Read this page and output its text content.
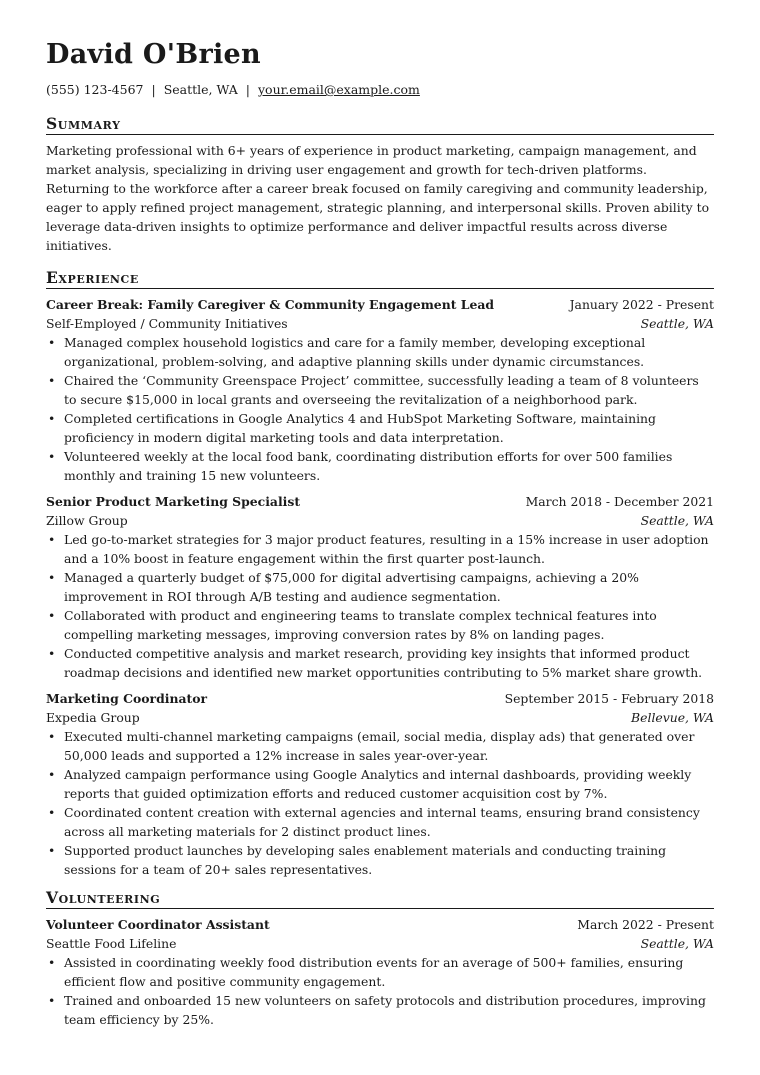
David O'Brien
(555) 123-4567 | Seattle, WA | your.email@example.com
Summary
Marketing professional with 6+ years of experience in product marketing, campaign management, and market analysis, specializing in driving user engagement and growth for tech-driven platforms. Returning to the workforce after a career break focused on family caregiving and community leadership, eager to apply refined project management, strategic planning, and interpersonal skills. Proven ability to leverage data-driven insights to optimize performance and deliver impactful results across diverse initiatives.
Experience
Career Break: Family Caregiver & Community Engagement Lead	January 2022 - Present
Self-Employed / Community Initiatives	Seattle, WA
• Managed complex household logistics and care for a family member, developing exceptional organizational, problem-solving, and adaptive planning skills under dynamic circumstances.
• Chaired the ‘Community Greenspace Project’ committee, successfully leading a team of 8 volunteers to secure $15,000 in local grants and overseeing the revitalization of a neighborhood park.
• Completed certifications in Google Analytics 4 and HubSpot Marketing Software, maintaining proficiency in modern digital marketing tools and data interpretation.
• Volunteered weekly at the local food bank, coordinating distribution efforts for over 500 families monthly and training 15 new volunteers.
Senior Product Marketing Specialist	March 2018 - December 2021
Zillow Group	Seattle, WA
• Led go-to-market strategies for 3 major product features, resulting in a 15% increase in user adoption and a 10% boost in feature engagement within the first quarter post-launch.
• Managed a quarterly budget of $75,000 for digital advertising campaigns, achieving a 20% improvement in ROI through A/B testing and audience segmentation.
• Collaborated with product and engineering teams to translate complex technical features into compelling marketing messages, improving conversion rates by 8% on landing pages.
• Conducted competitive analysis and market research, providing key insights that informed product roadmap decisions and identified new market opportunities contributing to 5% market share growth.
Marketing Coordinator	September 2015 - February 2018
Expedia Group	Bellevue, WA
• Executed multi-channel marketing campaigns (email, social media, display ads) that generated over 50,000 leads and supported a 12% increase in sales year-over-year.
• Analyzed campaign performance using Google Analytics and internal dashboards, providing weekly reports that guided optimization efforts and reduced customer acquisition cost by 7%.
• Coordinated content creation with external agencies and internal teams, ensuring brand consistency across all marketing materials for 2 distinct product lines.
• Supported product launches by developing sales enablement materials and conducting training sessions for a team of 20+ sales representatives.
Volunteering
Volunteer Coordinator Assistant	March 2022 - Present
Seattle Food Lifeline	Seattle, WA
• Assisted in coordinating weekly food distribution events for an average of 500+ families, ensuring efficient flow and positive community engagement.
• Trained and onboarded 15 new volunteers on safety protocols and distribution procedures, improving team efficiency by 25%.
